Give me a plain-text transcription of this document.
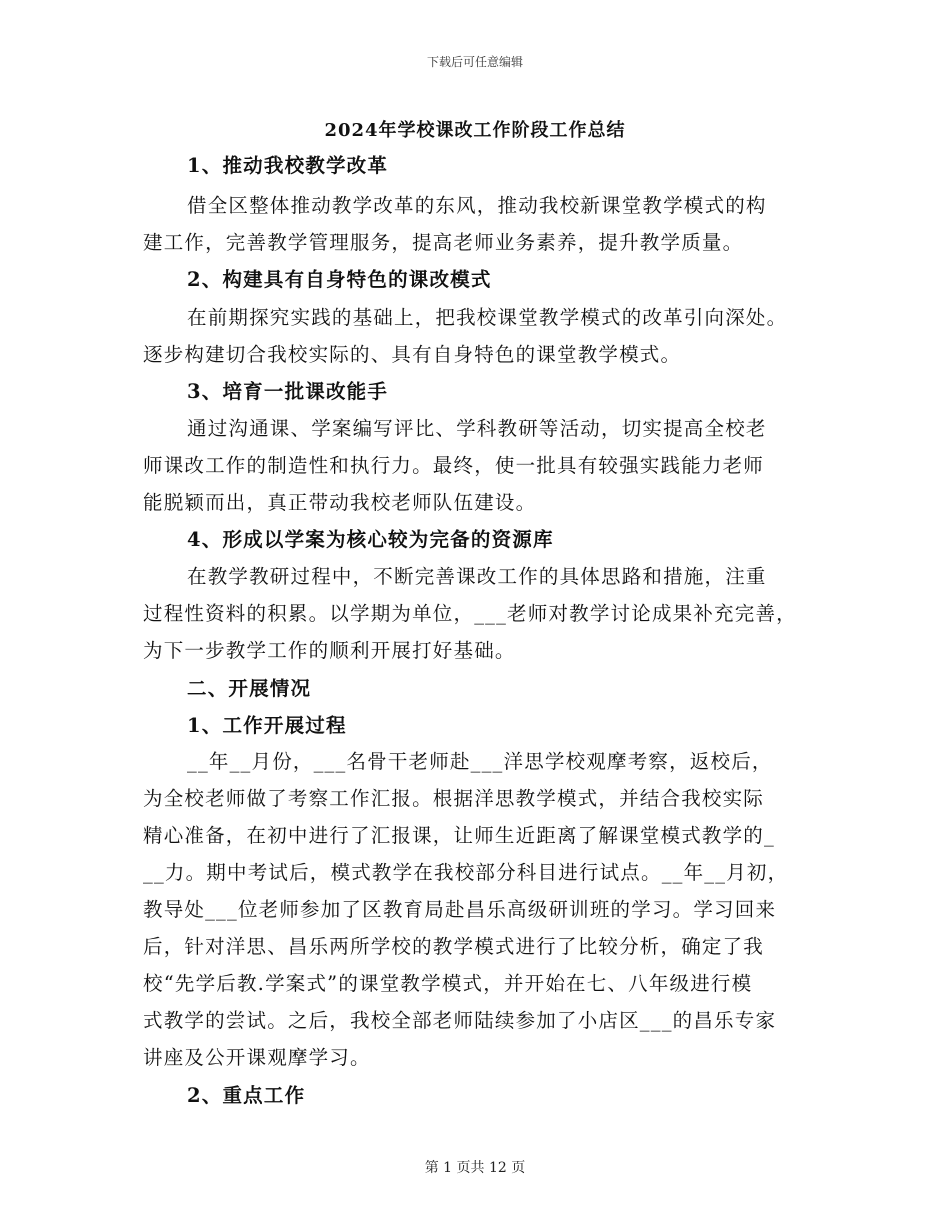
下载后可任意编辑
2024年学校课改工作阶段工作总结
1、推动我校教学改革
借全区整体推动教学改革的东风，推动我校新课堂教学模式的构
建工作，完善教学管理服务，提高老师业务素养，提升教学质量。
2、构建具有自身特色的课改模式
在前期探究实践的基础上，把我校课堂教学模式的改革引向深处。
逐步构建切合我校实际的、具有自身特色的课堂教学模式。
3、培育一批课改能手
通过沟通课、学案编写评比、学科教研等活动，切实提高全校老
师课改工作的制造性和执行力。最终，使一批具有较强实践能力老师
能脱颖而出，真正带动我校老师队伍建设。
4、形成以学案为核心较为完备的资源库
在教学教研过程中，不断完善课改工作的具体思路和措施，注重
过程性资料的积累。以学期为单位，___老师对教学讨论成果补充完善，
为下一步教学工作的顺利开展打好基础。
二、开展情况
1、工作开展过程
__年__月份，___名骨干老师赴___洋思学校观摩考察，返校后，
为全校老师做了考察工作汇报。根据洋思教学模式，并结合我校实际
精心准备，在初中进行了汇报课，让师生近距离了解课堂模式教学的_
__力。期中考试后，模式教学在我校部分科目进行试点。__年__月初，
教导处___位老师参加了区教育局赴昌乐高级研训班的学习。学习回来
后，针对洋思、昌乐两所学校的教学模式进行了比较分析，确定了我
校“先学后教.学案式”的课堂教学模式，并开始在七、八年级进行模
式教学的尝试。之后，我校全部老师陆续参加了小店区___的昌乐专家
讲座及公开课观摩学习。
2、重点工作
第 1 页共 12 页
